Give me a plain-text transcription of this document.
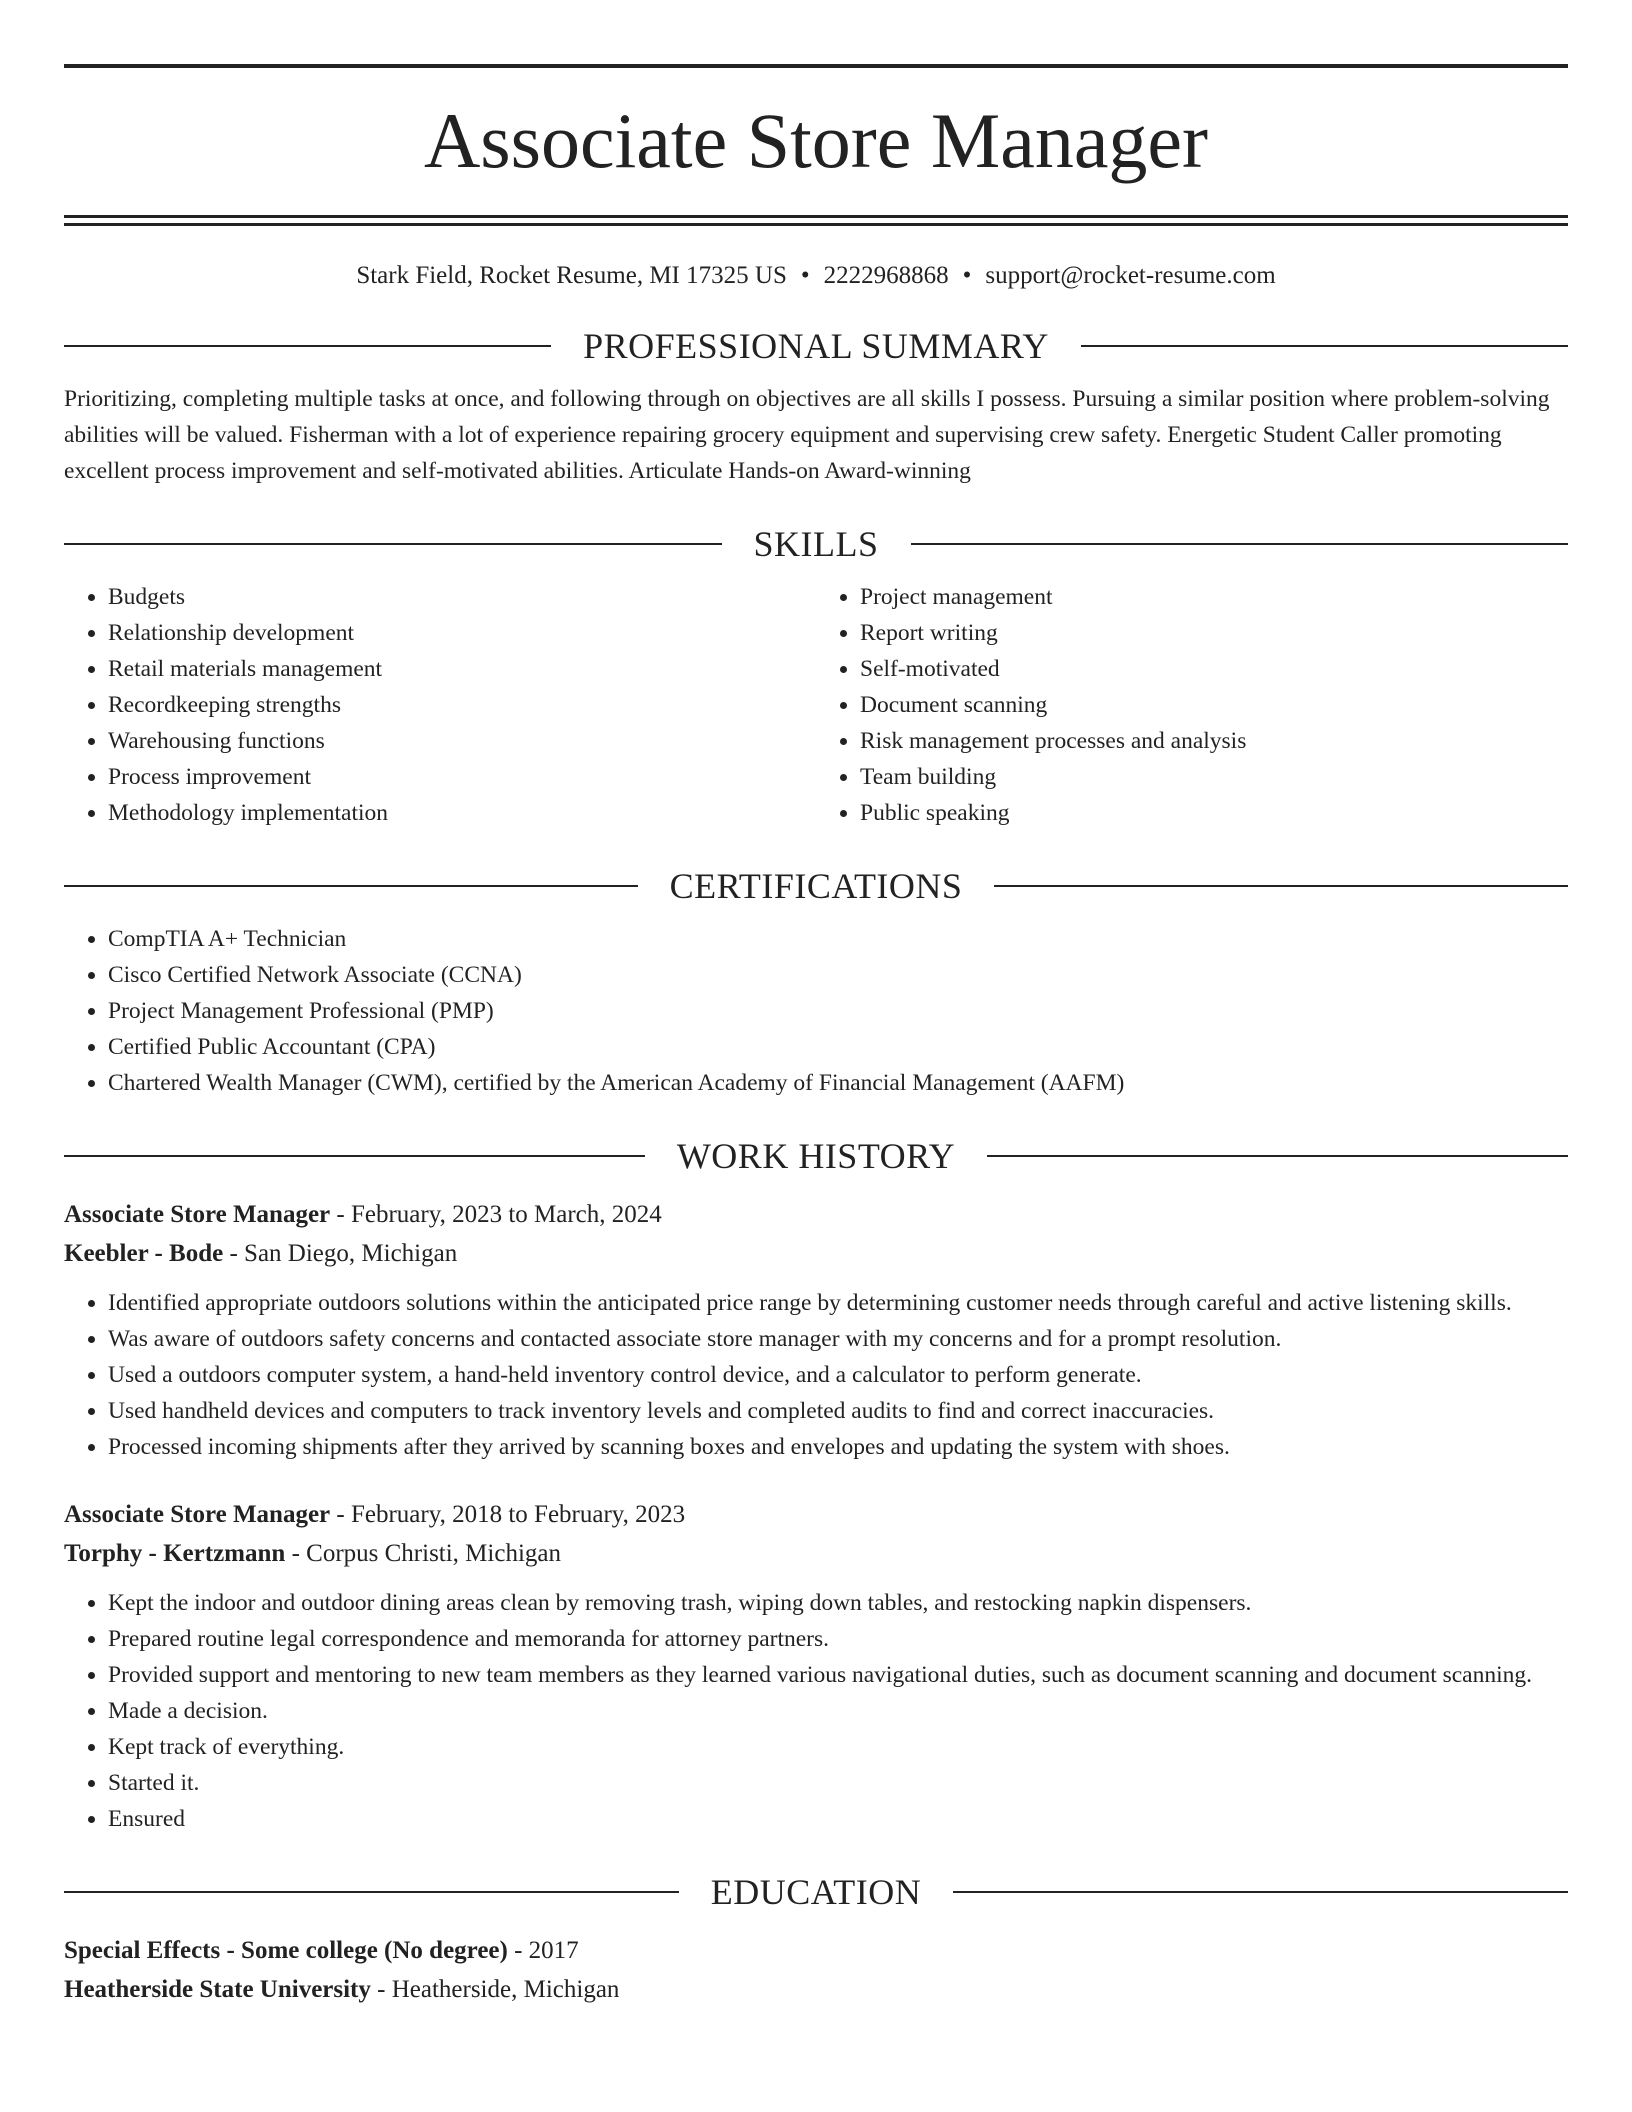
Associate Store Manager
Stark Field, Rocket Resume, MI 17325 US • 2222968868 • support@rocket-resume.com
PROFESSIONAL SUMMARY
Prioritizing, completing multiple tasks at once, and following through on objectives are all skills I possess. Pursuing a similar position where problem-solving abilities will be valued. Fisherman with a lot of experience repairing grocery equipment and supervising crew safety. Energetic Student Caller promoting excellent process improvement and self-motivated abilities. Articulate Hands-on Award-winning
SKILLS
• Budgets
• Relationship development
• Retail materials management
• Recordkeeping strengths
• Warehousing functions
• Process improvement
• Methodology implementation
• Project management
• Report writing
• Self-motivated
• Document scanning
• Risk management processes and analysis
• Team building
• Public speaking
CERTIFICATIONS
• CompTIA A+ Technician
• Cisco Certified Network Associate (CCNA)
• Project Management Professional (PMP)
• Certified Public Accountant (CPA)
• Chartered Wealth Manager (CWM), certified by the American Academy of Financial Management (AAFM)
WORK HISTORY
Associate Store Manager - February, 2023 to March, 2024
Keebler - Bode - San Diego, Michigan
• Identified appropriate outdoors solutions within the anticipated price range by determining customer needs through careful and active listening skills.
• Was aware of outdoors safety concerns and contacted associate store manager with my concerns and for a prompt resolution.
• Used a outdoors computer system, a hand-held inventory control device, and a calculator to perform generate.
• Used handheld devices and computers to track inventory levels and completed audits to find and correct inaccuracies.
• Processed incoming shipments after they arrived by scanning boxes and envelopes and updating the system with shoes.
Associate Store Manager - February, 2018 to February, 2023
Torphy - Kertzmann - Corpus Christi, Michigan
• Kept the indoor and outdoor dining areas clean by removing trash, wiping down tables, and restocking napkin dispensers.
• Prepared routine legal correspondence and memoranda for attorney partners.
• Provided support and mentoring to new team members as they learned various navigational duties, such as document scanning and document scanning.
• Made a decision.
• Kept track of everything.
• Started it.
• Ensured
EDUCATION
Special Effects - Some college (No degree) - 2017
Heatherside State University - Heatherside, Michigan
